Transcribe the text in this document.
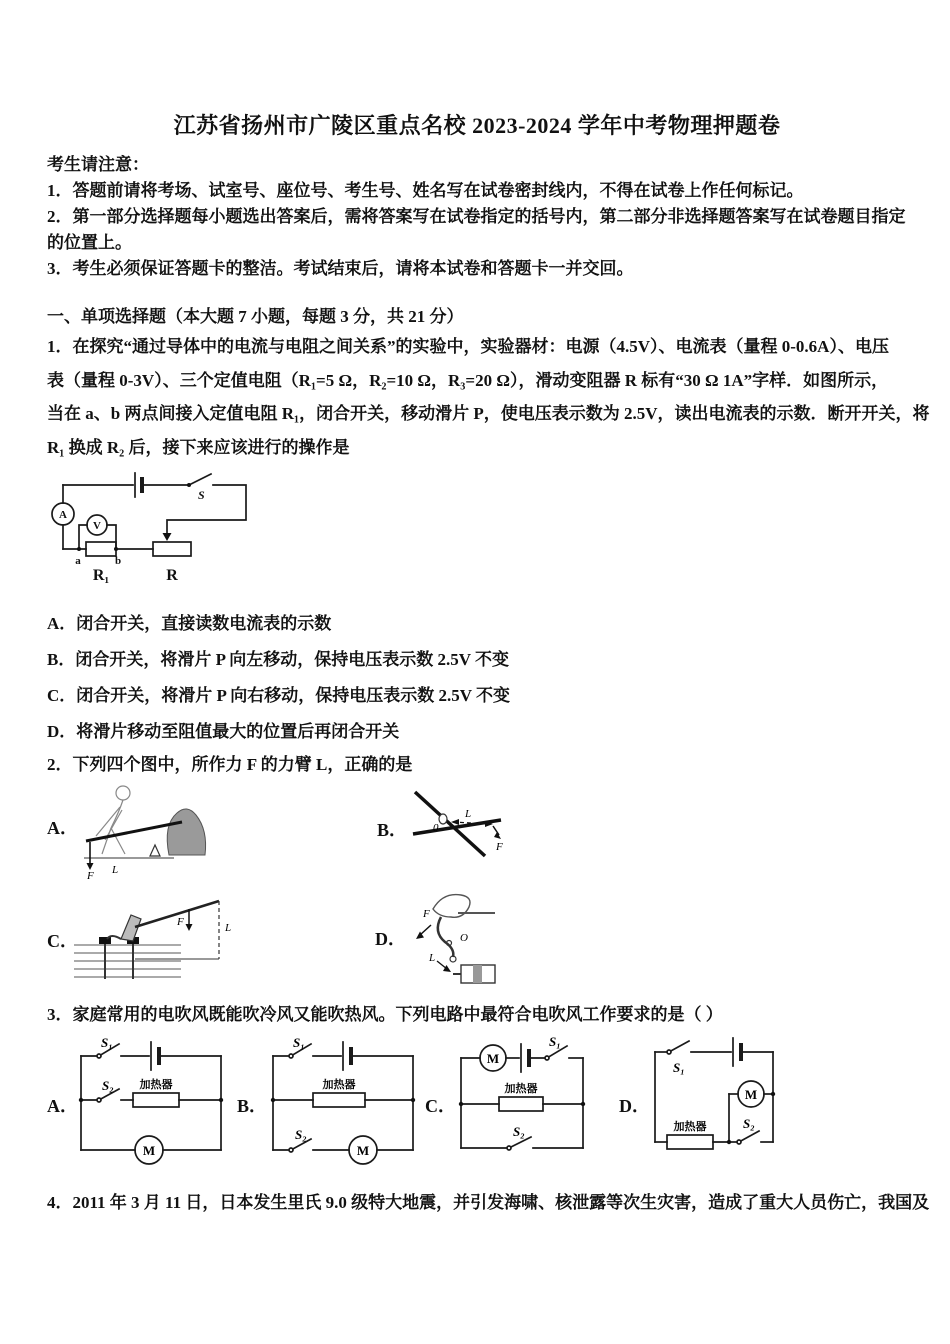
江苏省扬州市广陵区重点名校 2023-2024 学年中考物理押题卷
考生请注意：
1．答题前请将考场、试室号、座位号、考生号、姓名写在试卷密封线内，不得在试卷上作任何标记。
2．第一部分选择题每小题选出答案后，需将答案写在试卷指定的括号内，第二部分非选择题答案写在试卷题目指定
的位置上。
3．考生必须保证答题卡的整洁。考试结束后，请将本试卷和答题卡一并交回。
一、单项选择题（本大题 7 小题，每题 3 分，共 21 分）
1．在探究“通过导体中的电流与电阻之间关系”的实验中，实验器材：电源（4.5V）、电流表（量程 0-0.6A）、电压
表（量程 0-3V）、三个定值电阻（R₁=5 Ω，R₂=10 Ω，R₃=20 Ω），滑动变阻器 R 标有“30 Ω 1A”字样．如图所示，
当在 a、b 两点间接入定值电阻 R₁，闭合开关，移动滑片 P，使电压表示数为 2.5V，读出电流表的示数．断开开关，将
R₁ 换成 R₂ 后，接下来应该进行的操作是
A
V
S
a	b
R₁	R
A．闭合开关，直接读数电流表的示数
B．闭合开关，将滑片 P 向左移动，保持电压表示数 2.5V 不变
C．闭合开关，将滑片 P 向右移动，保持电压表示数 2.5V 不变
D．将滑片移动至阻值最大的位置后再闭合开关
2．下列四个图中，所作力 F 的力臂 L，正确的是
A．
F L
B． 0
L
F
C．
F	L
D．
F
O
L
3．家庭常用的电吹风既能吹冷风又能吹热风。下列电路中最符合电吹风工作要求的是（ ）
A．
S₁
S₂ 加热器
M
B．
S₁
S₂
加热器
M
C．
S₁
S₂
加热器
M
D．
S₁
S₂
加热器
M
4．2011 年 3 月 11 日，日本发生里氏 9.0 级特大地震，并引发海啸、核泄露等次生灾害，造成了重大人员伤亡，我国及
